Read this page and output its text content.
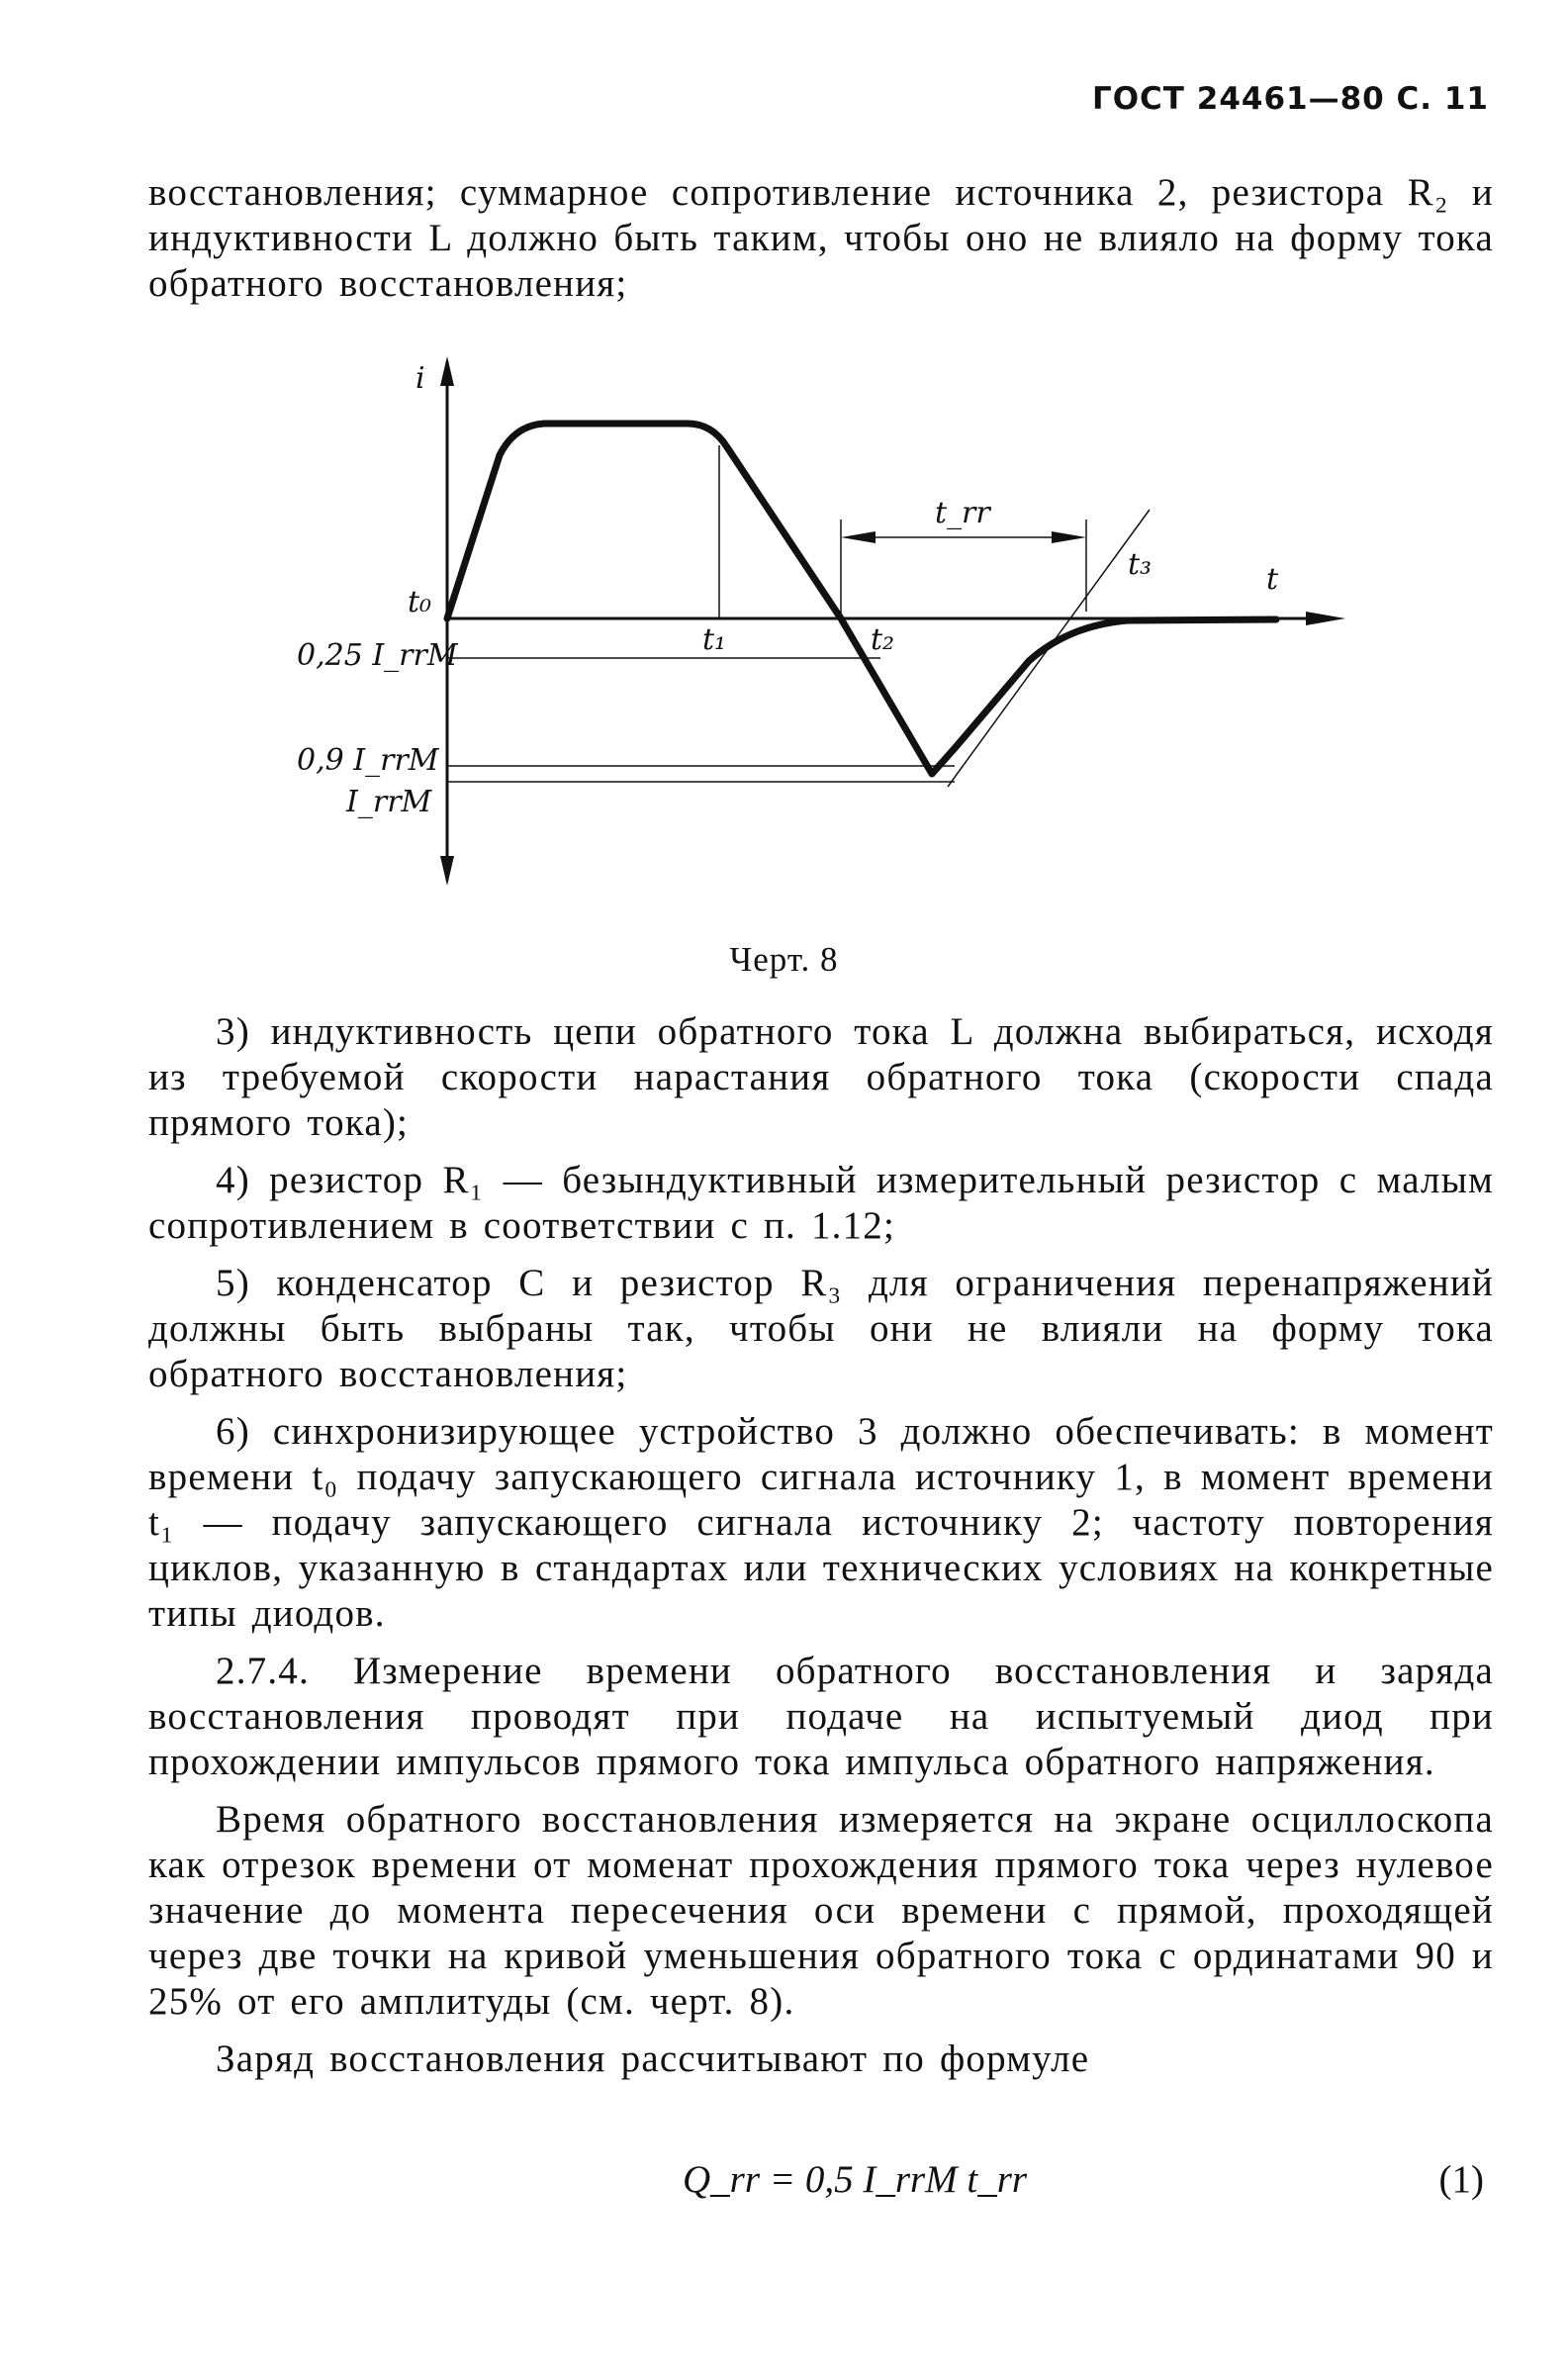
ГОСТ 24461—80 С. 11

восстановления; суммарное сопротивление источника 2, резистора R₂ и индуктивности L должно быть таким, чтобы оно не влияло на форму тока обратного восстановления;

i
t
t₀
t₁	t₂
t₃
t_rr
0,25 I_rrM
0,9 I_rrM
I_rrM
Черт. 8

3) индуктивность цепи обратного тока L должна выбираться, исходя из требуемой скорости нарастания обратного тока (скорости спада прямого тока);

4) резистор R₁ — безындуктивный измерительный резистор с малым сопротивлением в соответствии с п. 1.12;

5) конденсатор C и резистор R₃ для ограничения перенапряжений должны быть выбраны так, чтобы они не влияли на форму тока обратного восстановления;

6) синхронизирующее устройство 3 должно обеспечивать: в момент времени t₀ подачу запускающего сигнала источнику 1, в момент времени t₁ — подачу запускающего сигнала источнику 2; частоту повторения циклов, указанную в стандартах или технических условиях на конкретные типы диодов.

2.7.4. Измерение времени обратного восстановления и заряда восстановления проводят при подаче на испытуемый диод при прохождении импульсов прямого тока импульса обратного напряжения.

Время обратного восстановления измеряется на экране осциллоскопа как отрезок времени от моменат прохождения прямого тока через нулевое значение до момента пересечения оси времени с прямой, проходящей через две точки на кривой уменьшения обратного тока с ординатами 90 и 25% от его амплитуды (см. черт. 8).

Заряд восстановления рассчитывают по формуле

Q_rr = 0,5 I_rrM t_rr	(1)
